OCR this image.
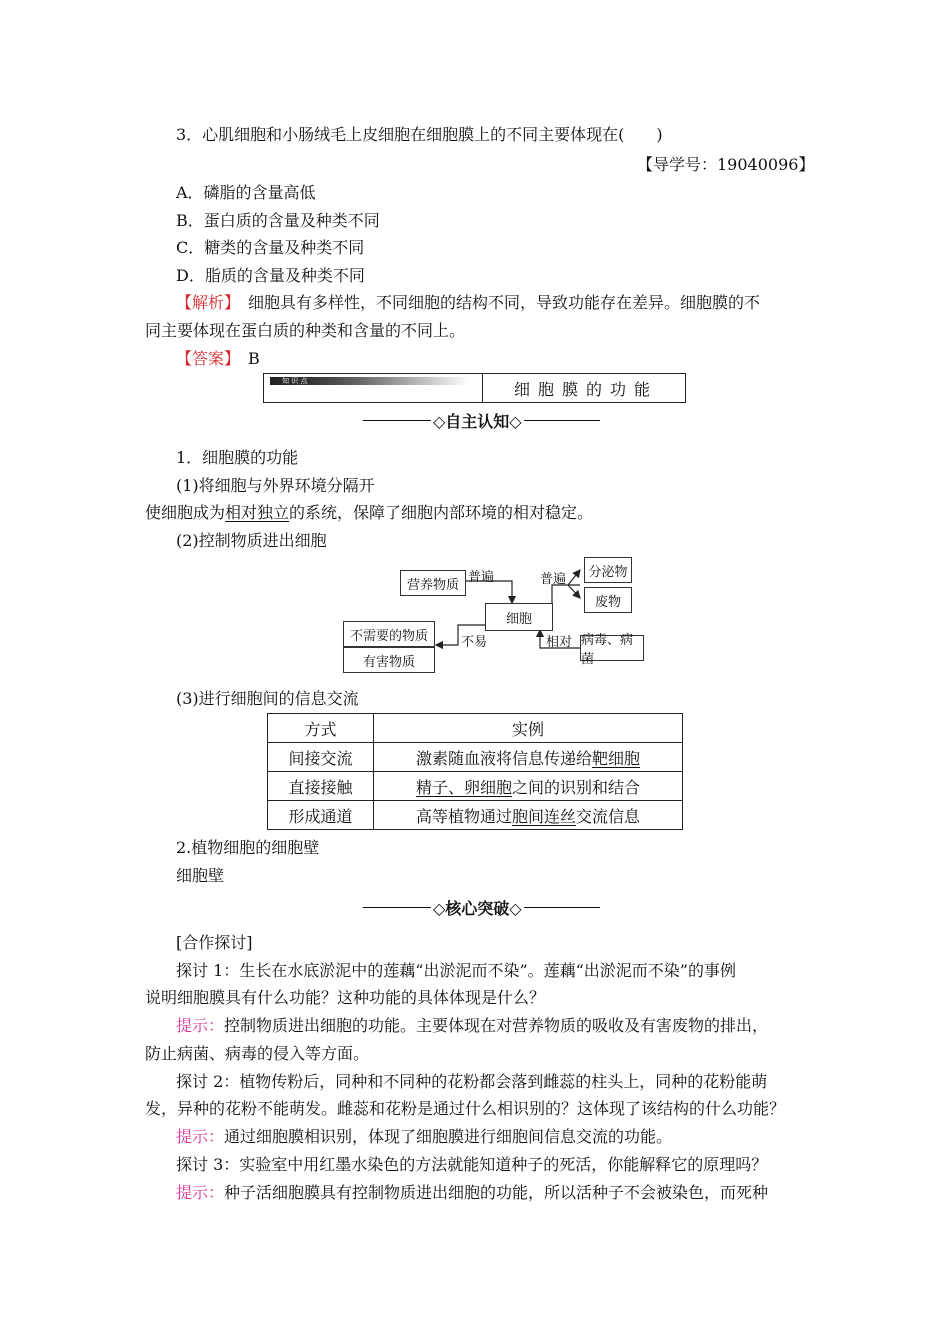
3．心肌细胞和小肠绒毛上皮细胞在细胞膜上的不同主要体现在(　　)
【导学号：19040096】
A．磷脂的含量高低
B．蛋白质的含量及种类不同
C．糖类的含量及种类不同
D．脂质的含量及种类不同
【解析】　细胞具有多样性，不同细胞的结构不同，导致功能存在差异。细胞膜的不
同主要体现在蛋白质的种类和含量的不同上。
【答案】　B
知 识 点	细胞膜的功能
◇自主认知◇
1．细胞膜的功能
(1)将细胞与外界环境分隔开
使细胞成为相对独立的系统，保障了细胞内部环境的相对稳定。
(2)控制物质进出细胞
营养物质
细胞
分泌物
废物
不需要的物质
有害物质
病毒、病菌
普遍	普遍
不易	相对
(3)进行细胞间的信息交流
方式	实例
间接交流	激素随血液将信息传递给靶细胞
直接接触	精子、卵细胞之间的识别和结合
形成通道	高等植物通过胞间连丝交流信息
2.植物细胞的细胞壁
细胞壁
◇核心突破◇
[合作探讨]
探讨 1：生长在水底淤泥中的莲藕“出淤泥而不染”。莲藕“出淤泥而不染”的事例
说明细胞膜具有什么功能？这种功能的具体体现是什么？
提示：控制物质进出细胞的功能。主要体现在对营养物质的吸收及有害废物的排出，
防止病菌、病毒的侵入等方面。
探讨 2：植物传粉后，同种和不同种的花粉都会落到雌蕊的柱头上，同种的花粉能萌
发，异种的花粉不能萌发。雌蕊和花粉是通过什么相识别的？这体现了该结构的什么功能？
提示：通过细胞膜相识别，体现了细胞膜进行细胞间信息交流的功能。
探讨 3：实验室中用红墨水染色的方法就能知道种子的死活，你能解释它的原理吗？
提示：种子活细胞膜具有控制物质进出细胞的功能，所以活种子不会被染色，而死种
